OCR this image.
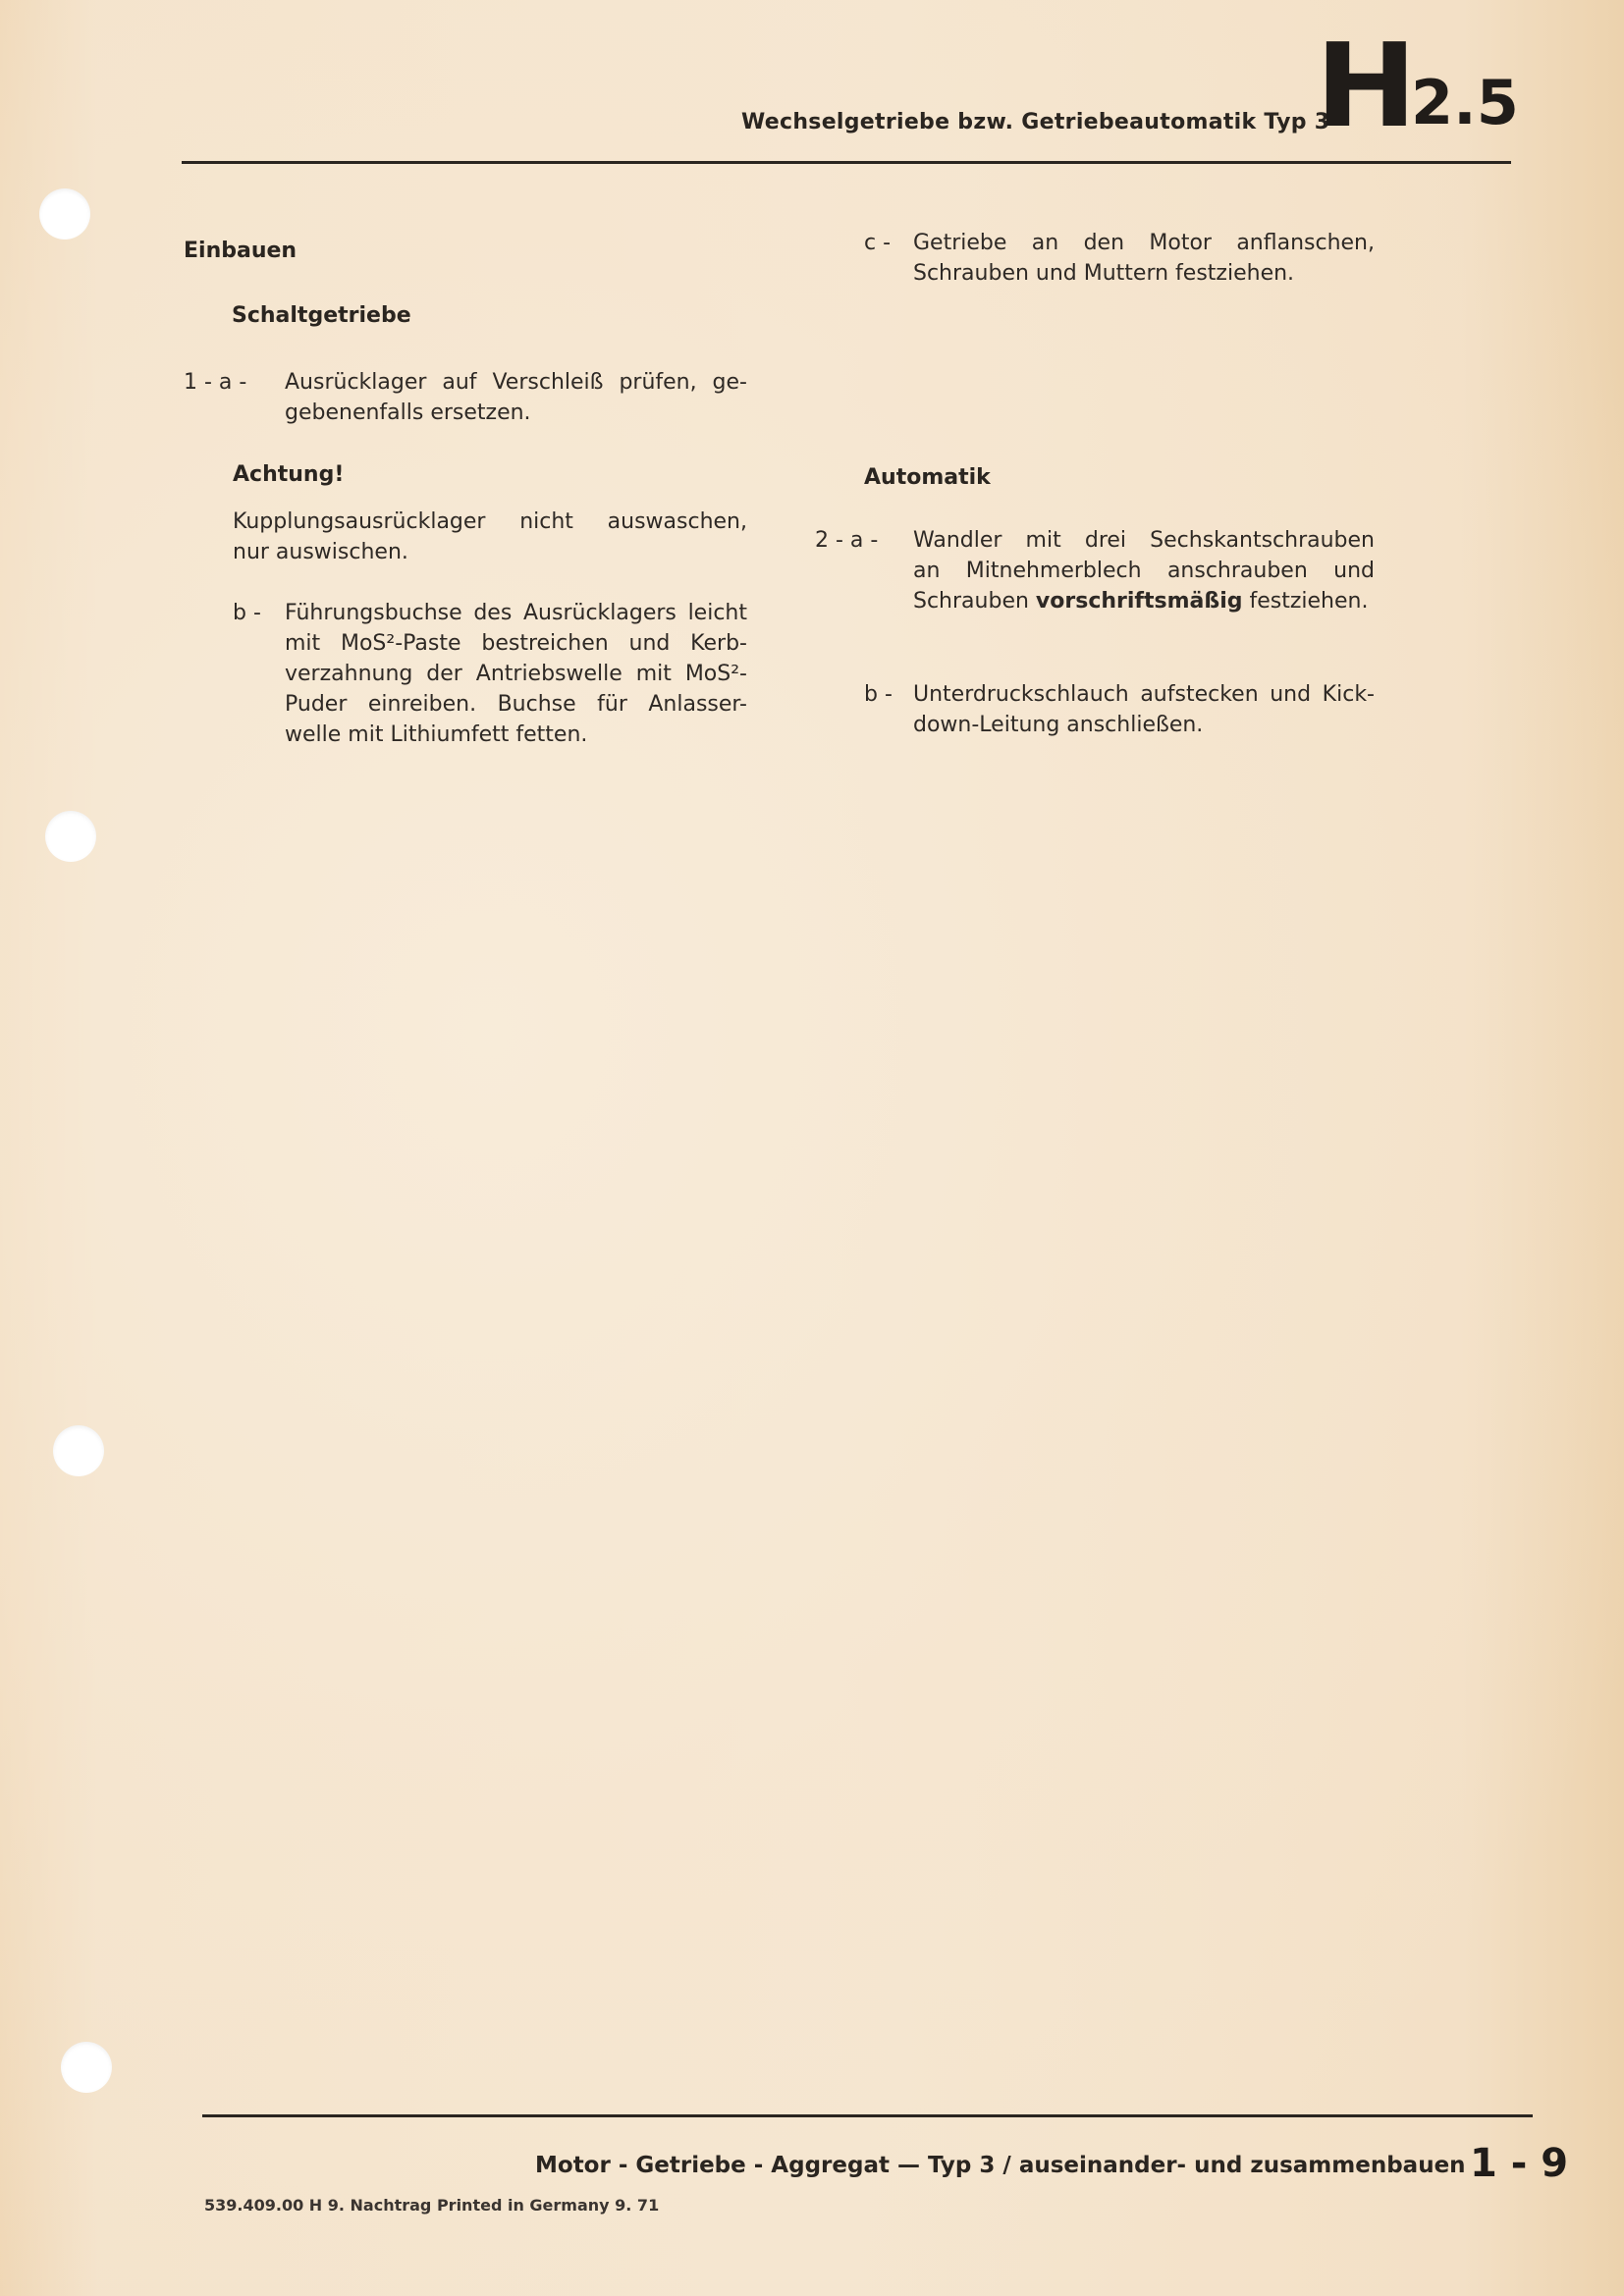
Wechselgetriebe bzw. Getriebeautomatik Typ 3
H
2.5
Einbauen
Schaltgetriebe
1 - a - Ausrücklager auf Verschleiß prüfen, ge-
gebenenfalls ersetzen.
Achtung!
Kupplungsausrücklager nicht auswaschen,
nur auswischen.
b - Führungsbuchse des Ausrücklagers leicht
mit MoS²-Paste bestreichen und Kerb-
verzahnung der Antriebswelle mit MoS²-
Puder einreiben. Buchse für Anlasser-
welle mit Lithiumfett fetten.
c - Getriebe an den Motor anflanschen,
Schrauben und Muttern festziehen.
Automatik
2 - a - Wandler mit drei Sechskantschrauben
an Mitnehmerblech anschrauben und
Schrauben vorschriftsmäßig festziehen.
b - Unterdruckschlauch aufstecken und Kick-
down-Leitung anschließen.
Motor - Getriebe - Aggregat — Typ 3 / auseinander- und zusammenbauen 1 - 9
539.409.00 H 9. Nachtrag Printed in Germany 9. 71
